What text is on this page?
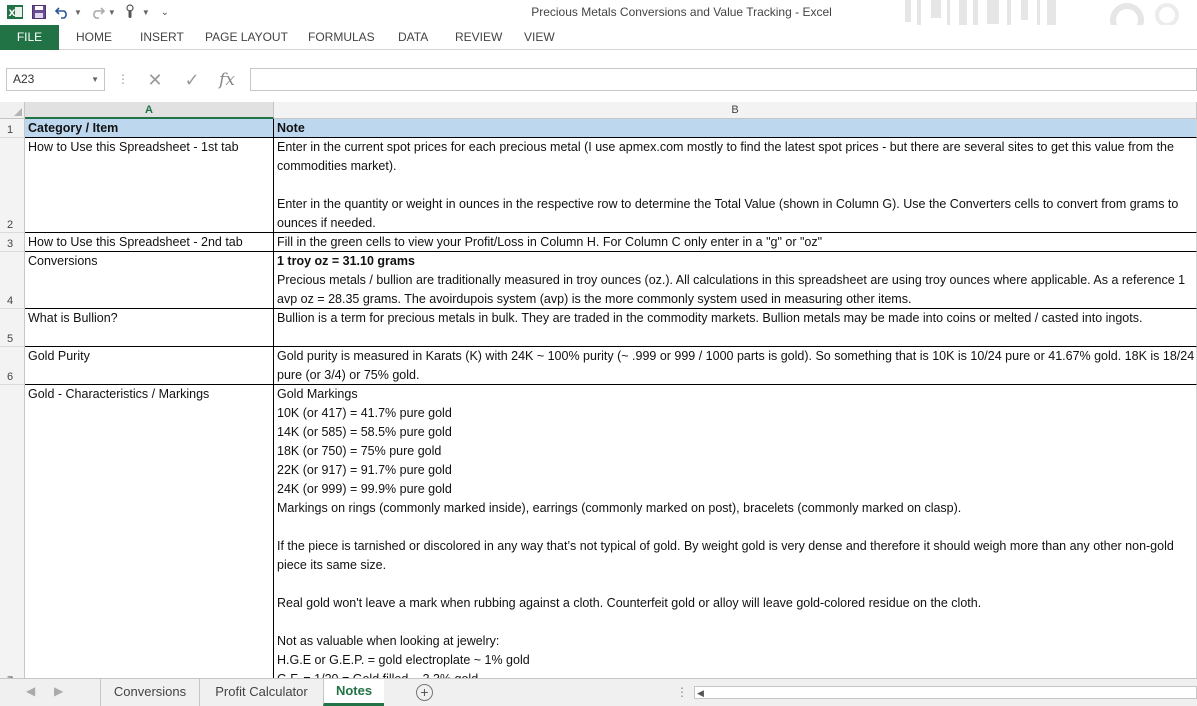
X	▼	▼	▼	⌄	Precious Metals Conversions and Value Tracking - Excel
FILE	HOME INSERT PAGE LAYOUT FORMULAS DATA REVIEW VIEW
A23	▼ ⋮ ✕ ✓ fx
A	B
1	Category / Item	Note
2
How to Use this Spreadsheet - 1st tab	Enter in the current spot prices for each precious metal (I use apmex.com mostly to find the latest spot prices - but there are several sites to get this value from the
commodities market).
Enter in the quantity or weight in ounces in the respective row to determine the Total Value (shown in Column G). Use the Converters cells to convert from grams to
ounces if needed.
3	How to Use this Spreadsheet - 2nd tab	Fill in the green cells to view your Profit/Loss in Column H. For Column C only enter in a "g" or "oz"
4
Conversions	1 troy oz = 31.10 grams
Precious metals / bullion are traditionally measured in troy ounces (oz.). All calculations in this spreadsheet are using troy ounces where applicable. As a reference 1
avp oz = 28.35 grams. The avoirdupois system (avp) is the more commonly system used in measuring other items.
5
What is Bullion?	Bullion is a term for precious metals in bulk. They are traded in the commodity markets. Bullion metals may be made into coins or melted / casted into ingots.
6
Gold Purity	Gold purity is measured in Karats (K) with 24K ~ 100% purity (~ .999 or 999 / 1000 parts is gold). So something that is 10K is 10/24 pure or 41.67% gold. 18K is 18/24
pure (or 3/4) or 75% gold.
Gold - Characteristics / Markings	Gold Markings
10K (or 417) = 41.7% pure gold
14K (or 585) = 58.5% pure gold
18K (or 750) = 75% pure gold
22K (or 917) = 91.7% pure gold
24K (or 999) = 99.9% pure gold
Markings on rings (commonly marked inside), earrings (commonly marked on post), bracelets (commonly marked on clasp).
If the piece is tarnished or discolored in any way that’s not typical of gold. By weight gold is very dense and therefore it should weigh more than any other non-gold
piece its same size.
Real gold won't leave a mark when rubbing against a cloth. Counterfeit gold or alloy will leave gold-colored residue on the cloth.
Not as valuable when looking at jewelry:
H.G.E or G.E.P. = gold electroplate ~ 1% gold
◀ ▶	Conversions	Profit Calculator	Notes	+	⋮ ◀
